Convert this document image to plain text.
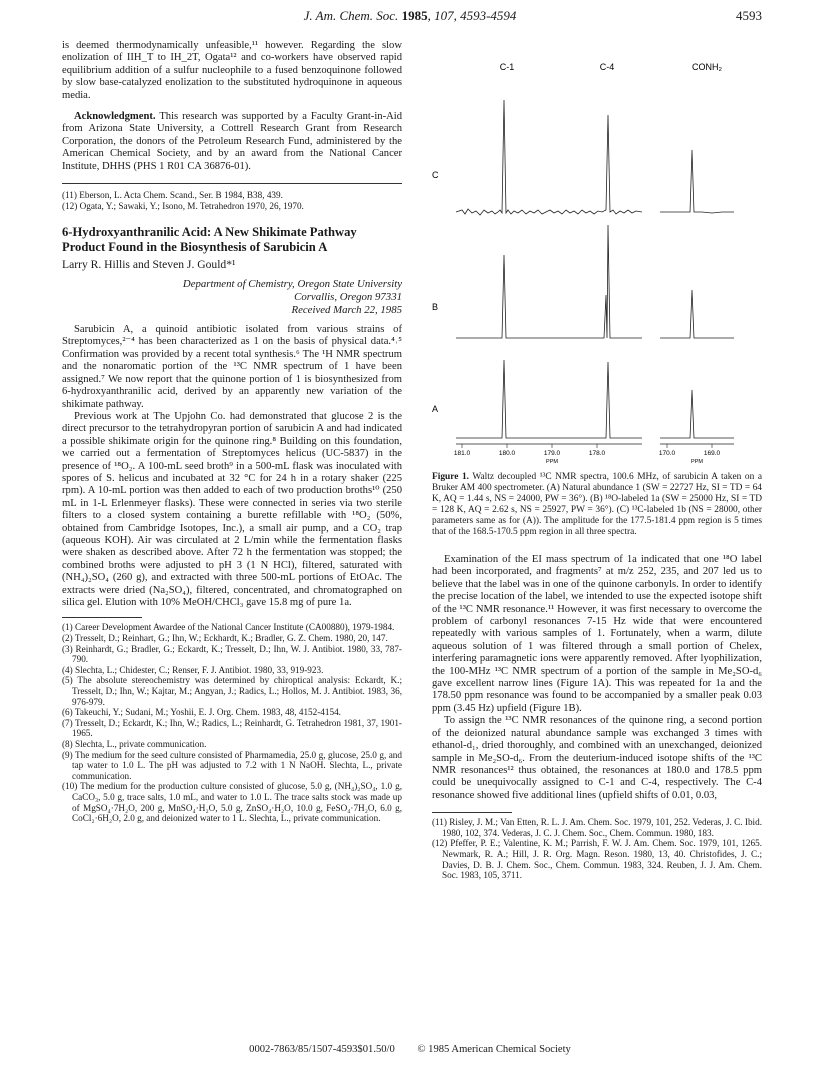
J. Am. Chem. Soc. 1985, 107, 4593-4594	4593

is deemed thermodynamically unfeasible,¹¹ however. Regarding the slow enolization of IIH_T to IH_2T, Ogata¹² and co-workers have observed rapid equilibrium addition of a sulfur nucleophile to a fused benzoquinone followed by slow base-catalyzed enolization to the substituted hydroquinone in aqueous media.

Acknowledgment. This research was supported by a Faculty Grant-in-Aid from Arizona State University, a Cottrell Research Grant from Research Corporation, the donors of the Petroleum Research Fund, administered by the American Chemical Society, and by an award from the National Cancer Institute, DHHS (PHS 1 R01 CA 36876-01).

(11) Eberson, L. Acta Chem. Scand., Ser. B 1984, B38, 439.

(12) Ogata, Y.; Sawaki, Y.; Isono, M. Tetrahedron 1970, 26, 1970.

6-Hydroxyanthranilic Acid: A New Shikimate Pathway Product Found in the Biosynthesis of Sarubicin A
Larry R. Hillis and Steven J. Gould*¹
Department of Chemistry, Oregon State University
Corvallis, Oregon 97331
Received March 22, 1985

Sarubicin A, a quinoid antibiotic isolated from various strains of Streptomyces,²⁻⁴ has been characterized as 1 on the basis of physical data.⁴˒⁵ Confirmation was provided by a recent total synthesis.⁶ The ¹H NMR spectrum and the nonaromatic portion of the ¹³C NMR spectrum of 1 have been assigned.⁷ We now report that the quinone portion of 1 is biosynthesized from 6-hydroxyanthranilic acid, derived by an apparently new variation of the shikimate pathway.

Previous work at The Upjohn Co. had demonstrated that glucose 2 is the direct precursor to the tetrahydropyran portion of sarubicin A and had indicated a possible shikimate origin for the quinone ring.⁸ Building on this foundation, we carried out a fermentation of Streptomyces helicus (UC-5837) in the presence of ¹⁸O₂. A 100-mL seed broth⁹ in a 500-mL flask was inoculated with spores of S. helicus and incubated at 32 °C for 24 h in a rotary shaker (225 rpm). A 10-mL portion was then added to each of two production broths¹⁰ (250 mL in 1-L Erlenmeyer flasks). These were connected in series via two sterile filters to a closed system containing a burette refillable with ¹⁸O₂ (50%, obtained from Cambridge Isotopes, Inc.), a small air pump, and a CO₂ trap (aqueous KOH). Air was circulated at 2 L/min while the fermentation flasks were shaken as described above. After 72 h the fermentation was stopped; the combined broths were adjusted to pH 3 (1 N HCl), filtered, saturated with (NH₄)₂SO₄ (260 g), and extracted with three 500-mL portions of EtOAc. The extracts were dried (Na₂SO₄), filtered, concentrated, and chromatographed on silica gel. Elution with 10% MeOH/CHCl₃ gave 15.8 mg of pure 1a.

(1) Career Development Awardee of the National Cancer Institute (CA00880), 1979-1984.

(2) Tresselt, D.; Reinhart, G.; Ihn, W.; Eckhardt, K.; Bradler, G. Z. Chem. 1980, 20, 147.

(3) Reinhardt, G.; Bradler, G.; Eckardt, K.; Tresselt, D.; Ihn, W. J. Antibiot. 1980, 33, 787-790.

(4) Slechta, L.; Chidester, C.; Renser, F. J. Antibiot. 1980, 33, 919-923.

(5) The absolute stereochemistry was determined by chiroptical analysis: Eckardt, K.; Tresselt, D.; Ihn, W.; Kajtar, M.; Angyan, J.; Radics, L.; Hollos, M. J. Antibiot. 1983, 36, 976-979.

(6) Takeuchi, Y.; Sudani, M.; Yoshii, E. J. Org. Chem. 1983, 48, 4152-4154.

(7) Tresselt, D.; Eckardt, K.; Ihn, W.; Radics, L.; Reinhardt, G. Tetrahedron 1981, 37, 1901-1965.

(8) Slechta, L., private communication.

(9) The medium for the seed culture consisted of Pharmamedia, 25.0 g, glucose, 25.0 g, and tap water to 1.0 L. The pH was adjusted to 7.2 with 1 N NaOH. Slechta, L., private communication.

(10) The medium for the production culture consisted of glucose, 5.0 g, (NH₄)₂SO₄, 1.0 g, CaCO₃, 5.0 g, trace salts, 1.0 mL, and water to 1.0 L. The trace salts stock was made up of MgSO₄·7H₂O, 200 g, MnSO₄·H₂O, 5.0 g, ZnSO₄·H₂O, 10.0 g, FeSO₄·7H₂O, 6.0 g, CoCl₂·6H₂O, 2.0 g, and deionized water to 1 L. Slechta, L., private communication.

C-1	C-4	CONH₂
C
B
A
181.0	180.0	179.0	178.0	170.0	169.0
PPM	PPM

Figure 1. Waltz decoupled ¹³C NMR spectra, 100.6 MHz, of sarubicin A taken on a Bruker AM 400 spectrometer. (A) Natural abundance 1 (SW = 22727 Hz, SI = TD = 64 K, AQ = 1.44 s, NS = 24000, PW = 36°). (B) ¹⁸O-labeled 1a (SW = 25000 Hz, SI = TD = 128 K, AQ = 2.62 s, NS = 25927, PW = 36°). (C) ¹³C-labeled 1b (NS = 28000, other parameters same as for (A)). The amplitude for the 177.5-181.4 ppm region is 5 times that of the 168.5-170.5 ppm region in all three spectra.

Examination of the EI mass spectrum of 1a indicated that one ¹⁸O label had been incorporated, and fragments⁷ at m/z 252, 235, and 207 led us to believe that the label was in one of the quinone carbonyls. In order to identify the precise location of the label, we intended to use the expected isotope shift of the ¹³C NMR resonance.¹¹ However, it was first necessary to overcome the problem of carbonyl resonances 7-15 Hz wide that were encountered repeatedly with various samples of 1. Fortunately, when a warm, dilute aqueous solution of 1 was filtered through a small portion of Chelex, interfering paramagnetic ions were apparently removed. After lyophilization, the 100-MHz ¹³C NMR spectrum of a portion of the sample in Me₂SO-d₆ gave excellent narrow lines (Figure 1A). This was repeated for 1a and the 178.50 ppm resonance was found to be accompanied by a smaller peak 0.03 ppm (3.45 Hz) upfield (Figure 1B).

To assign the ¹³C NMR resonances of the quinone ring, a second portion of the deionized natural abundance sample was exchanged 3 times with ethanol-d₁, dried thoroughly, and combined with an unexchanged, deionized sample in Me₂SO-d₆. From the deuterium-induced isotope shifts of the ¹³C NMR resonances¹² thus obtained, the resonances at 180.0 and 178.5 ppm could be unequivocally assigned to C-1 and C-4, respectively. The C-4 resonance showed five additional lines (upfield shifts of 0.01, 0.03,

(11) Risley, J. M.; Van Etten, R. L. J. Am. Chem. Soc. 1979, 101, 252. Vederas, J. C. Ibid. 1980, 102, 374. Vederas, J. C. J. Chem. Soc., Chem. Commun. 1980, 183.

(12) Pfeffer, P. E.; Valentine, K. M.; Parrish, F. W. J. Am. Chem. Soc. 1979, 101, 1265. Newmark, R. A.; Hill, J. R. Org. Magn. Reson. 1980, 13, 40. Christofides, J. C.; Davies, D. B. J. Chem. Soc., Chem. Commun. 1983, 324. Reuben, J. J. Am. Chem. Soc. 1983, 105, 3711.

0002-7863/85/1507-4593$01.50/0 © 1985 American Chemical Society
